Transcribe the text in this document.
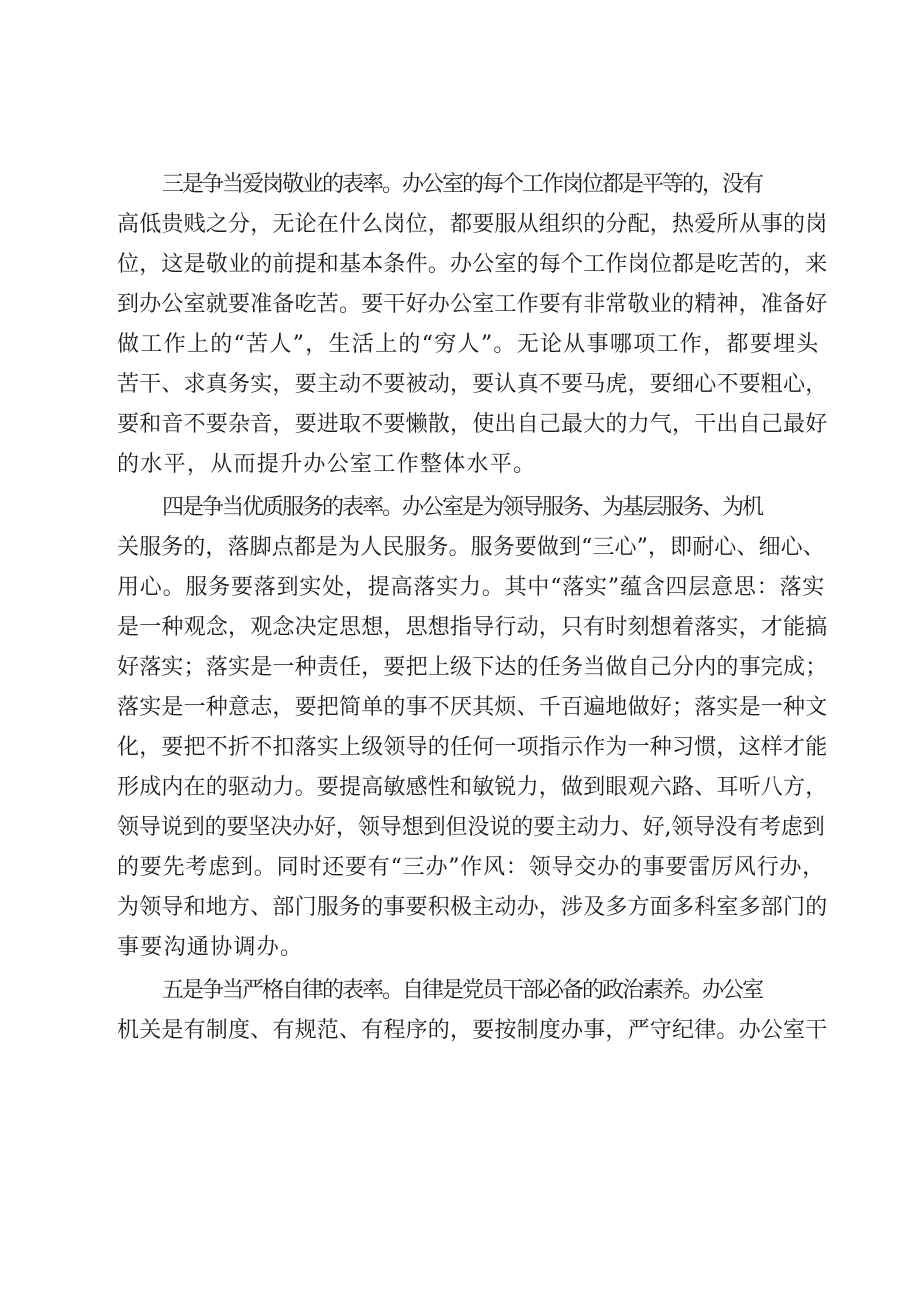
三是争当爱岗敬业的表率。办公室的每个工作岗位都是平等的，没有
高低贵贱之分，无论在什么岗位，都要服从组织的分配，热爱所从事的岗
位，这是敬业的前提和基本条件。办公室的每个工作岗位都是吃苦的，来
到办公室就要准备吃苦。要干好办公室工作要有非常敬业的精神，准备好
做工作上的“苦人”，生活上的“穷人”。无论从事哪项工作，都要埋头
苦干、求真务实，要主动不要被动，要认真不要马虎，要细心不要粗心，
要和音不要杂音，要进取不要懒散，使出自己最大的力气，干出自己最好
的水平，从而提升办公室工作整体水平。
四是争当优质服务的表率。办公室是为领导服务、为基层服务、为机
关服务的，落脚点都是为人民服务。服务要做到“三心”，即耐心、细心、
用心。服务要落到实处，提高落实力。其中“落实”蕴含四层意思：落实
是一种观念，观念决定思想，思想指导行动，只有时刻想着落实，才能搞
好落实；落实是一种责任，要把上级下达的任务当做自己分内的事完成；
落实是一种意志，要把简单的事不厌其烦、千百遍地做好；落实是一种文
化，要把不折不扣落实上级领导的任何一项指示作为一种习惯，这样才能
形成内在的驱动力。要提高敏感性和敏锐力，做到眼观六路、耳听八方，
领导说到的要坚决办好，领导想到但没说的要主动力、好,领导没有考虑到
的要先考虑到。同时还要有“三办”作风：领导交办的事要雷厉风行办，
为领导和地方、部门服务的事要积极主动办，涉及多方面多科室多部门的
事要沟通协调办。
五是争当严格自律的表率。自律是党员干部必备的政治素养。办公室
机关是有制度、有规范、有程序的，要按制度办事，严守纪律。办公室干
